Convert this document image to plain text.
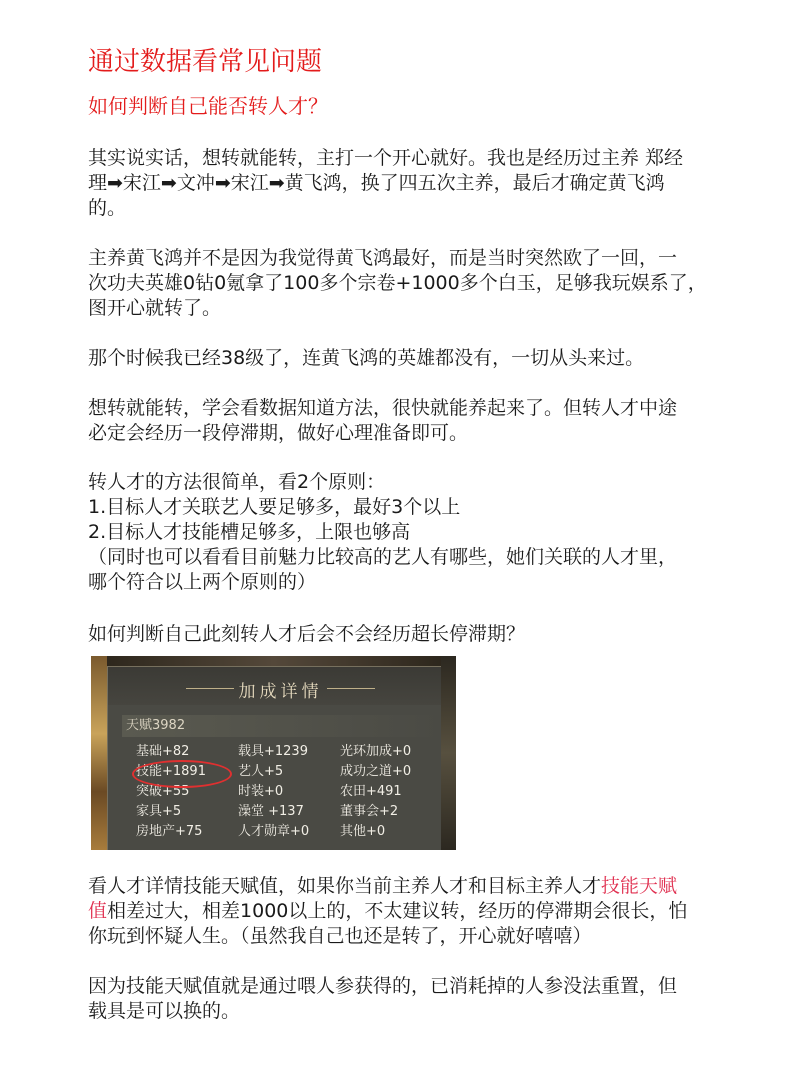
通过数据看常见问题
如何判断自己能否转人才？
其实说实话，想转就能转，主打一个开心就好。我也是经历过主养 郑经
理➡宋江➡文冲➡宋江➡黄飞鸿，换了四五次主养，最后才确定黄飞鸿
的。
主养黄飞鸿并不是因为我觉得黄飞鸿最好，而是当时突然欧了一回，一
次功夫英雄0钻0氪拿了100多个宗卷+1000多个白玉，足够我玩娱系了，
图开心就转了。
那个时候我已经38级了，连黄飞鸿的英雄都没有，一切从头来过。
想转就能转，学会看数据知道方法，很快就能养起来了。但转人才中途
必定会经历一段停滞期，做好心理准备即可。
转人才的方法很简单，看2个原则：
1.目标人才关联艺人要足够多，最好3个以上
2.目标人才技能槽足够多，上限也够高
（同时也可以看看目前魅力比较高的艺人有哪些，她们关联的人才里，
哪个符合以上两个原则的）
如何判断自己此刻转人才后会不会经历超长停滞期？
加成详情
天赋3982
基础+82
技能+1891
突破+55
家具+5
房地产+75
载具+1239
艺人+5
时装+0
澡堂 +137
人才勋章+0
光环加成+0
成功之道+0
农田+491
董事会+2
其他+0
看人才详情技能天赋值，如果你当前主养人才和目标主养人才技能天赋
值相差过大，相差1000以上的，不太建议转，经历的停滞期会很长，怕
你玩到怀疑人生。（虽然我自己也还是转了，开心就好嘻嘻）
因为技能天赋值就是通过喂人参获得的，已消耗掉的人参没法重置，但
载具是可以换的。
